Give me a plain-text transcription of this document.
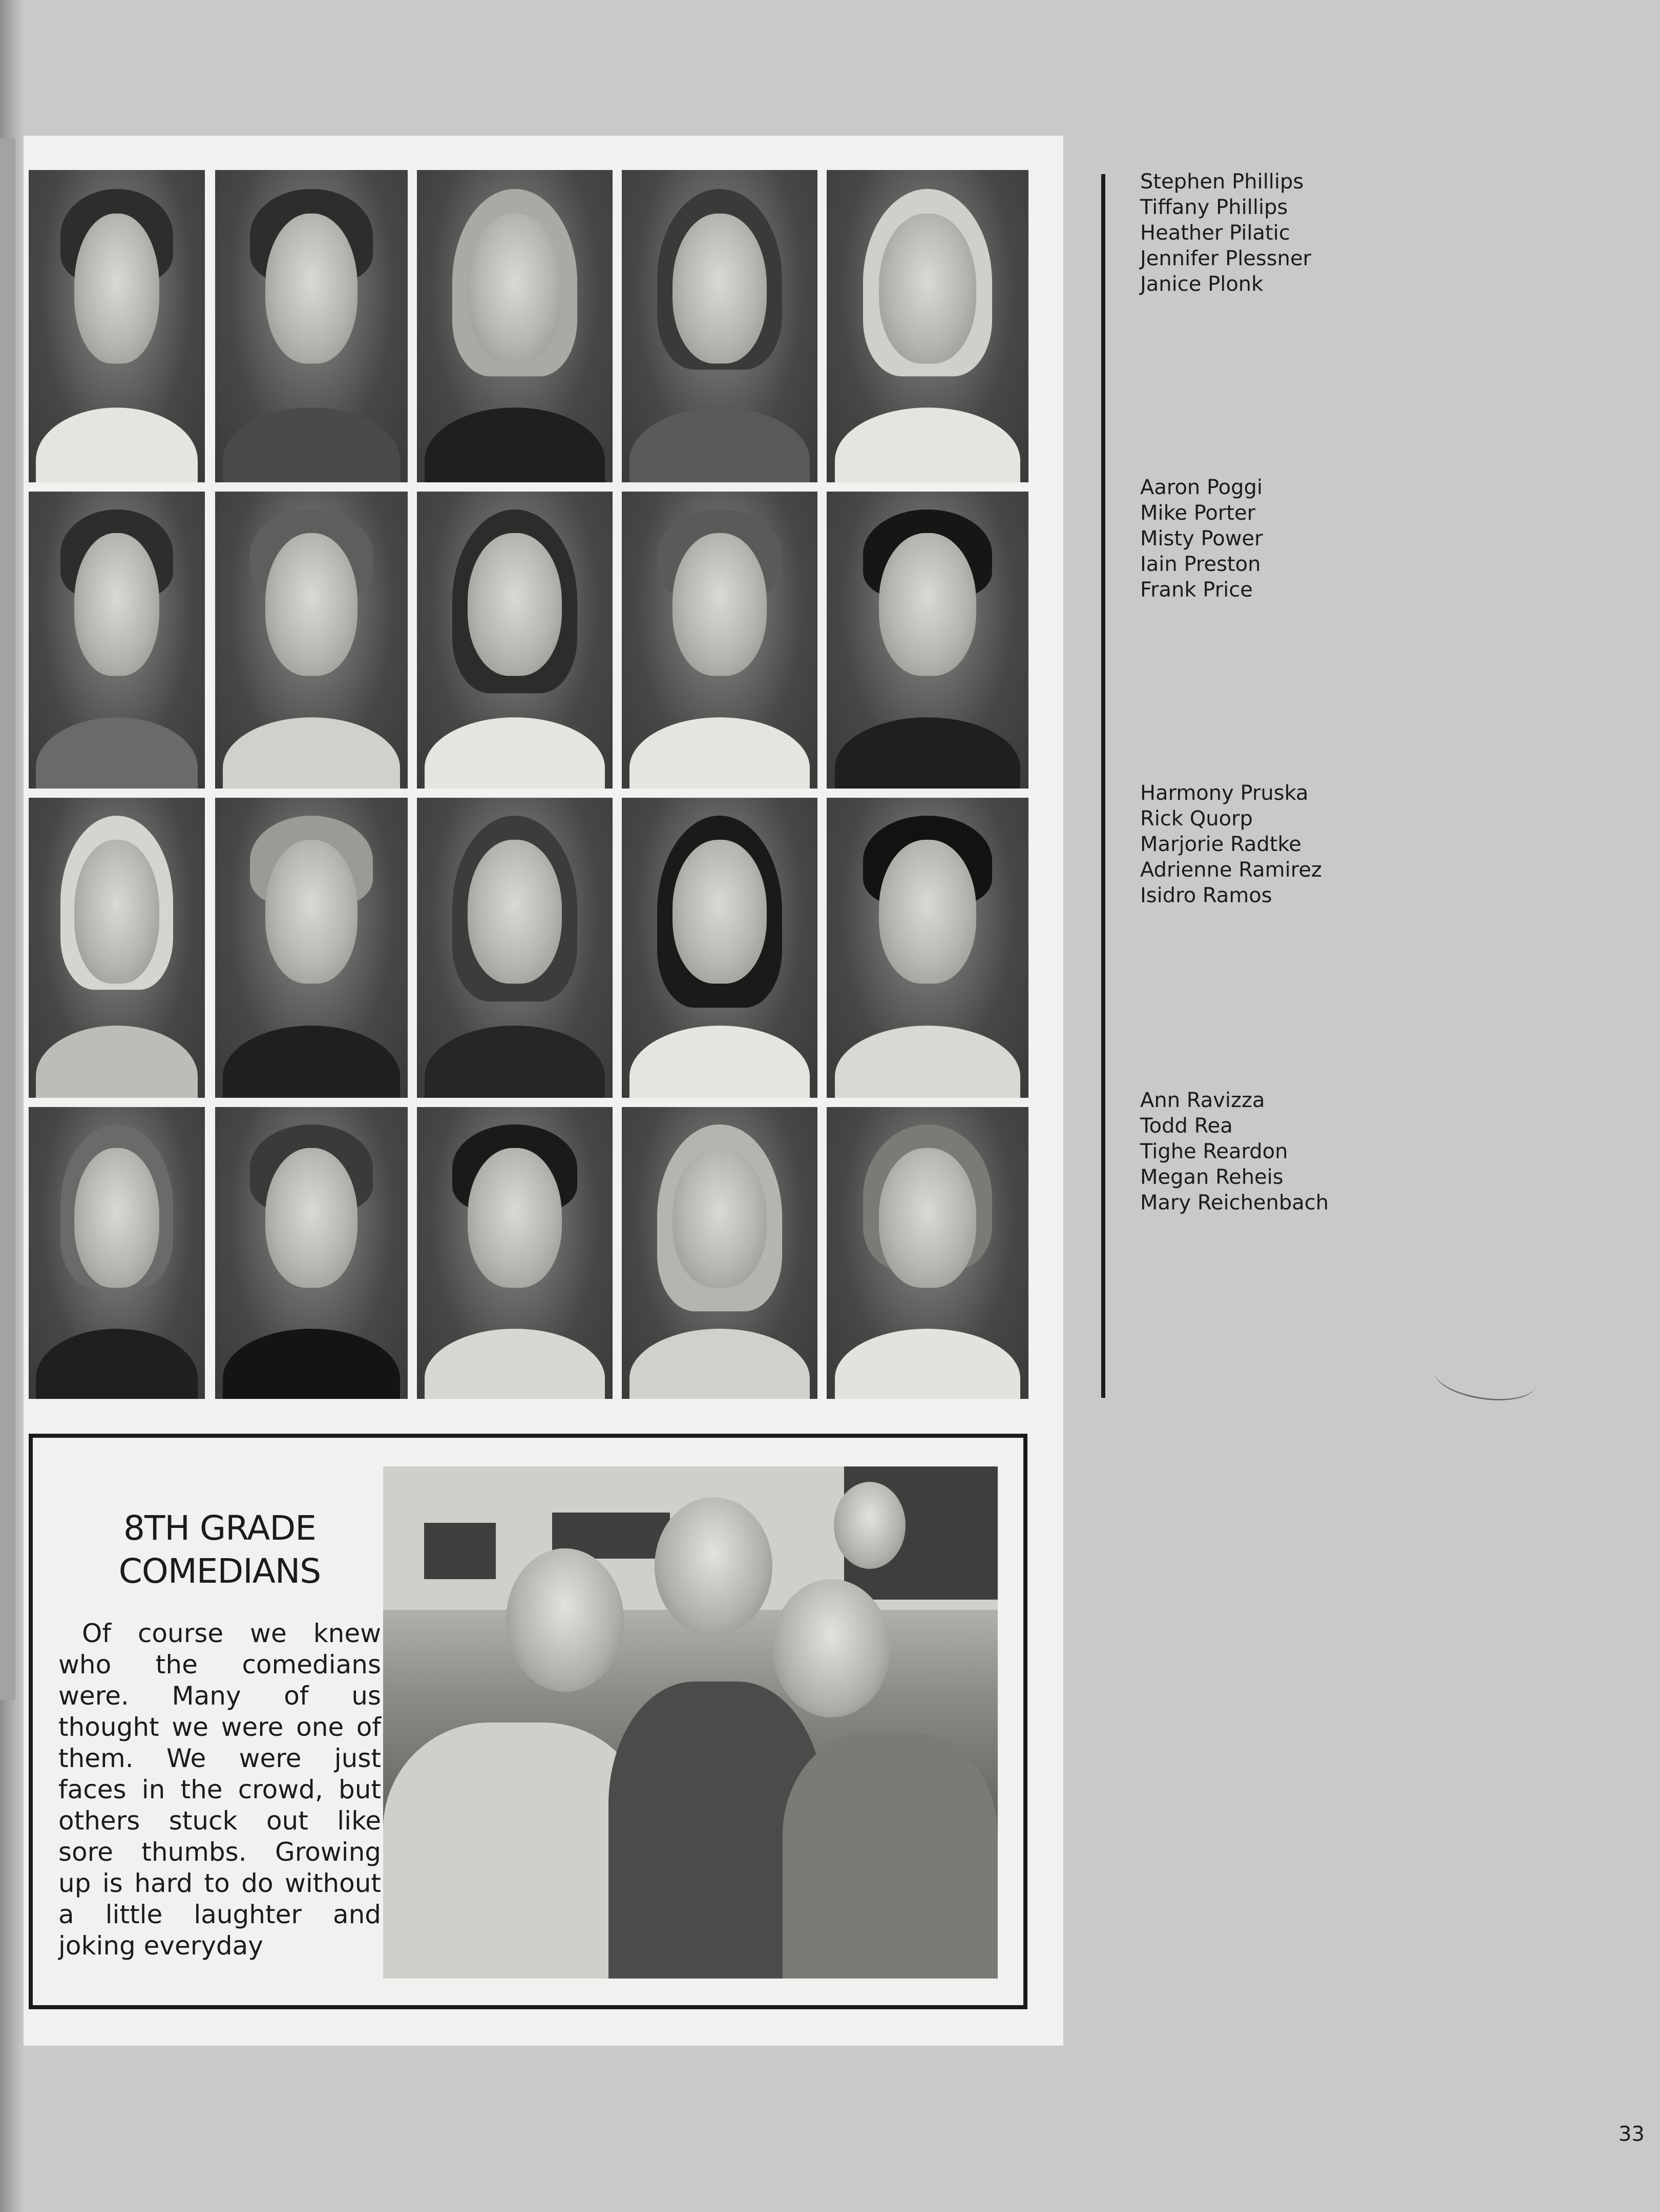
8TH GRADE
COMEDIANS

Of course we knew who the comedians were. Many of us thought we were one of them. We were just faces in the crowd, but others stuck out like sore thumbs. Growing up is hard to do without a little laughter and joking everyday

Stephen Phillips
Tiffany Phillips
Heather Pilatic
Jennifer Plessner
Janice Plonk
Aaron Poggi
Mike Porter
Misty Power
Iain Preston
Frank Price
Harmony Pruska
Rick Quorp
Marjorie Radtke
Adrienne Ramirez
Isidro Ramos
Ann Ravizza
Todd Rea
Tighe Reardon
Megan Reheis
Mary Reichenbach
33
